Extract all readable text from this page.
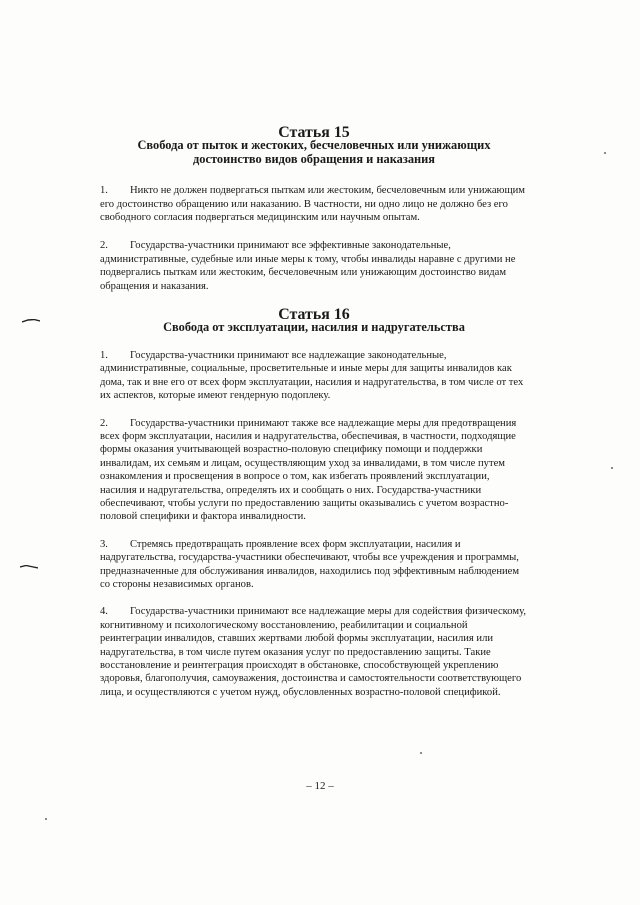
Статья 15
Свобода от пыток и жестоких, бесчеловечных или унижающих достоинство видов обращения и наказания

1. Никто не должен подвергаться пыткам или жестоким, бесчеловечным или унижающим его достоинство обращению или наказанию. В частности, ни одно лицо не должно без его свободного согласия подвергаться медицинским или научным опытам.

2. Государства-участники принимают все эффективные законодательные, административные, судебные или иные меры к тому, чтобы инвалиды наравне с другими не подвергались пыткам или жестоким, бесчеловечным или унижающим достоинство видам обращения и наказания.

Статья 16
Свобода от эксплуатации, насилия и надругательства

1. Государства-участники принимают все надлежащие законодательные, административные, социальные, просветительные и иные меры для защиты инвалидов как дома, так и вне его от всех форм эксплуатации, насилия и надругательства, в том числе от тех их аспектов, которые имеют гендерную подоплеку.

2. Государства-участники принимают также все надлежащие меры для предотвращения всех форм эксплуатации, насилия и надругательства, обеспечивая, в частности, подходящие формы оказания учитывающей возрастно-половую специфику помощи и поддержки инвалидам, их семьям и лицам, осуществляющим уход за инвалидами, в том числе путем ознакомления и просвещения в вопросе о том, как избегать проявлений эксплуатации, насилия и надругательства, определять их и сообщать о них. Государства-участники обеспечивают, чтобы услуги по предоставлению защиты оказывались с учетом возрастно-половой специфики и фактора инвалидности.

3. Стремясь предотвращать проявление всех форм эксплуатации, насилия и надругательства, государства-участники обеспечивают, чтобы все учреждения и программы, предназначенные для обслуживания инвалидов, находились под эффективным наблюдением со стороны независимых органов.

4. Государства-участники принимают все надлежащие меры для содействия физическому, когнитивному и психологическому восстановлению, реабилитации и социальной реинтеграции инвалидов, ставших жертвами любой формы эксплуатации, насилия или надругательства, в том числе путем оказания услуг по предоставлению защиты. Такие восстановление и реинтеграция происходят в обстановке, способствующей укреплению здоровья, благополучия, самоуважения, достоинства и самостоятельности соответствующего лица, и осуществляются с учетом нужд, обусловленных возрастно-половой спецификой.

– 12 –
